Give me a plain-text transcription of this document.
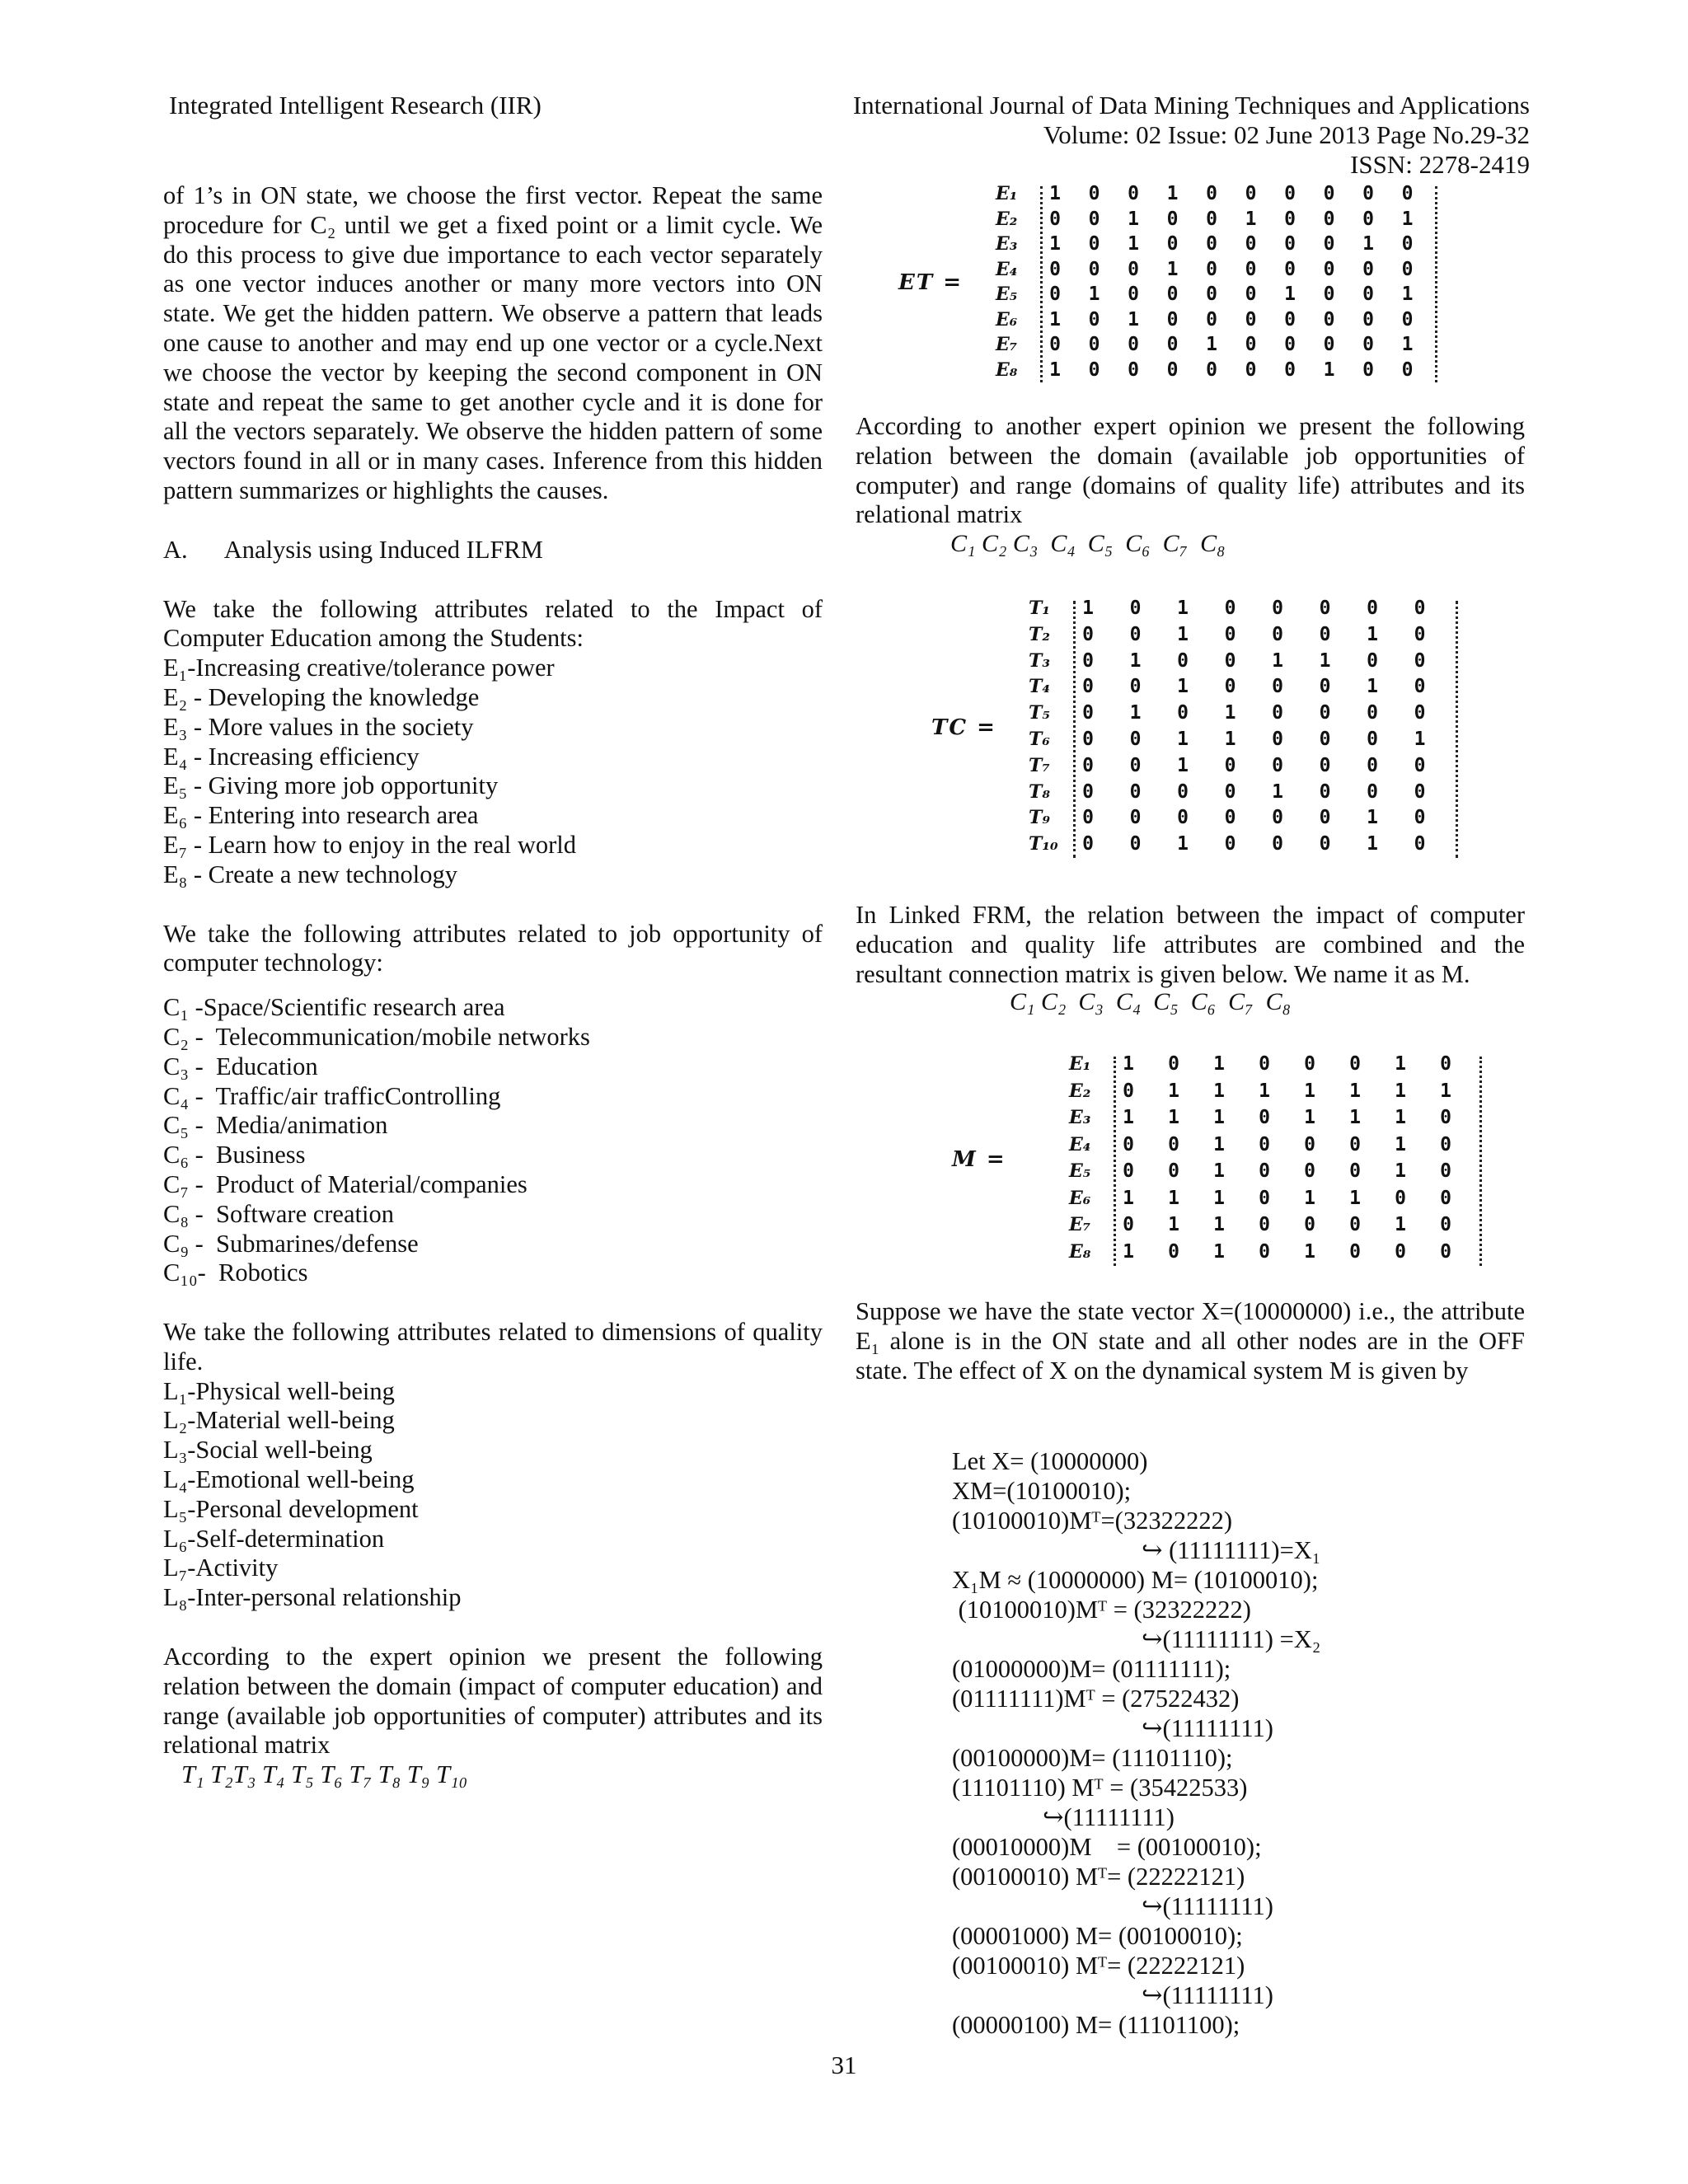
Integrated Intelligent Research (IIR)	International Journal of Data Mining Techniques and Applications
Volume: 02 Issue: 02 June 2013 Page No.29-32
ISSN: 2278-2419

of 1’s in ON state, we choose the first vector. Repeat the same procedure for C₂ until we get a fixed point or a limit cycle. We do this process to give due importance to each vector separately as one vector induces another or many more vectors into ON state. We get the hidden pattern. We observe a pattern that leads one cause to another and may end up one vector or a cycle.Next we choose the vector by keeping the second component in ON state and repeat the same to get another cycle and it is done for all the vectors separately. We observe the hidden pattern of some vectors found in all or in many cases. Inference from this hidden pattern summarizes or highlights the causes.

A.      Analysis using Induced ILFRM

We take the following attributes related to the Impact of Computer Education among the Students:

E₁-Increasing creative/tolerance power
E₂ - Developing the knowledge
E₃ - More values in the society
E₄ - Increasing efficiency
E₅ - Giving more job opportunity
E₆ - Entering into research area
E₇ - Learn how to enjoy in the real world
E₈ - Create a new technology

We take the following attributes related to job opportunity of computer technology:

C₁ -Space/Scientific research area
C₂ -  Telecommunication/mobile networks
C₃ -  Education
C₄ -  Traffic/air trafficControlling
C₅ -  Media/animation
C₆ -  Business
C₇ -  Product of Material/companies
C₈ -  Software creation
C₉ -  Submarines/defense
C₁₀-  Robotics

We take the following attributes related to dimensions of quality life.

L₁-Physical well-being
L₂-Material well-being
L₃-Social well-being
L₄-Emotional well-being
L₅-Personal development
L₆-Self-determination
L₇-Activity
L₈-Inter-personal relationship

According to the expert opinion we present the following relation between the domain (impact of computer education) and range (available job opportunities of computer) attributes and its relational matrix

T₁ T₂T₃ T₄ T₅ T₆ T₇ T₈ T₉ T₁₀
According to another expert opinion we present the following relation between the domain (available job opportunities of computer) and range (domains of quality life) attributes and its relational matrix
C₁ C₂ C₃  C₄  C₅  C₆  C₇  C₈
In Linked FRM, the relation between the impact of computer education and quality life attributes are combined and the resultant connection matrix is given below. We name it as M.
C₁ C₂  C₃  C₄  C₅  C₆  C₇  C₈
Suppose we have the state vector X=(10000000) i.e., the attribute E₁ alone is in the ON state and all other nodes are in the OFF state. The effect of X on the dynamical system M is given by
ET =
E₁	1	0	0	1	0	0	0	0	0	0
E₂	0	0	1	0	0	1	0	0	0	1
E₃	1	0	1	0	0	0	0	0	1	0
E₄	0	0	0	1	0	0	0	0	0	0
E₅	0	1	0	0	0	0	1	0	0	1
E₆	1	0	1	0	0	0	0	0	0	0
E₇	0	0	0	0	1	0	0	0	0	1
E₈	1	0	0	0	0	0	0	1	0	0
TC =
T₁	1	0	1	0	0	0	0	0
T₂	0	0	1	0	0	0	1	0
T₃	0	1	0	0	1	1	0	0
T₄	0	0	1	0	0	0	1	0
T₅	0	1	0	1	0	0	0	0
T₆	0	0	1	1	0	0	0	1
T₇	0	0	1	0	0	0	0	0
T₈	0	0	0	0	1	0	0	0
T₉	0	0	0	0	0	0	1	0
T₁₀	0	0	1	0	0	0	1	0
M =
E₁	1	0	1	0	0	0	1	0
E₂	0	1	1	1	1	1	1	1
E₃	1	1	1	0	1	1	1	0
E₄	0	0	1	0	0	0	1	0
E₅	0	0	1	0	0	0	1	0
E₆	1	1	1	0	1	1	0	0
E₇	0	1	1	0	0	0	1	0
E₈	1	0	1	0	1	0	0	0
Let X= (10000000)
XM=(10100010);
(10100010)Mᵀ=(32322222)
↪ (11111111)=X₁
X₁M ≈ (10000000) M= (10100010);
(10100010)Mᵀ = (32322222)
↪(11111111) =X₂
(01000000)M= (01111111);
(01111111)Mᵀ = (27522432)
↪(11111111)
(00100000)M= (11101110);
(11101110) Mᵀ = (35422533)
↪(11111111)
(00010000)M    = (00100010);
(00100010) Mᵀ= (22222121)
↪(11111111)
(00001000) M= (00100010);
(00100010) Mᵀ= (22222121)
↪(11111111)
(00000100) M= (11101100);
31
